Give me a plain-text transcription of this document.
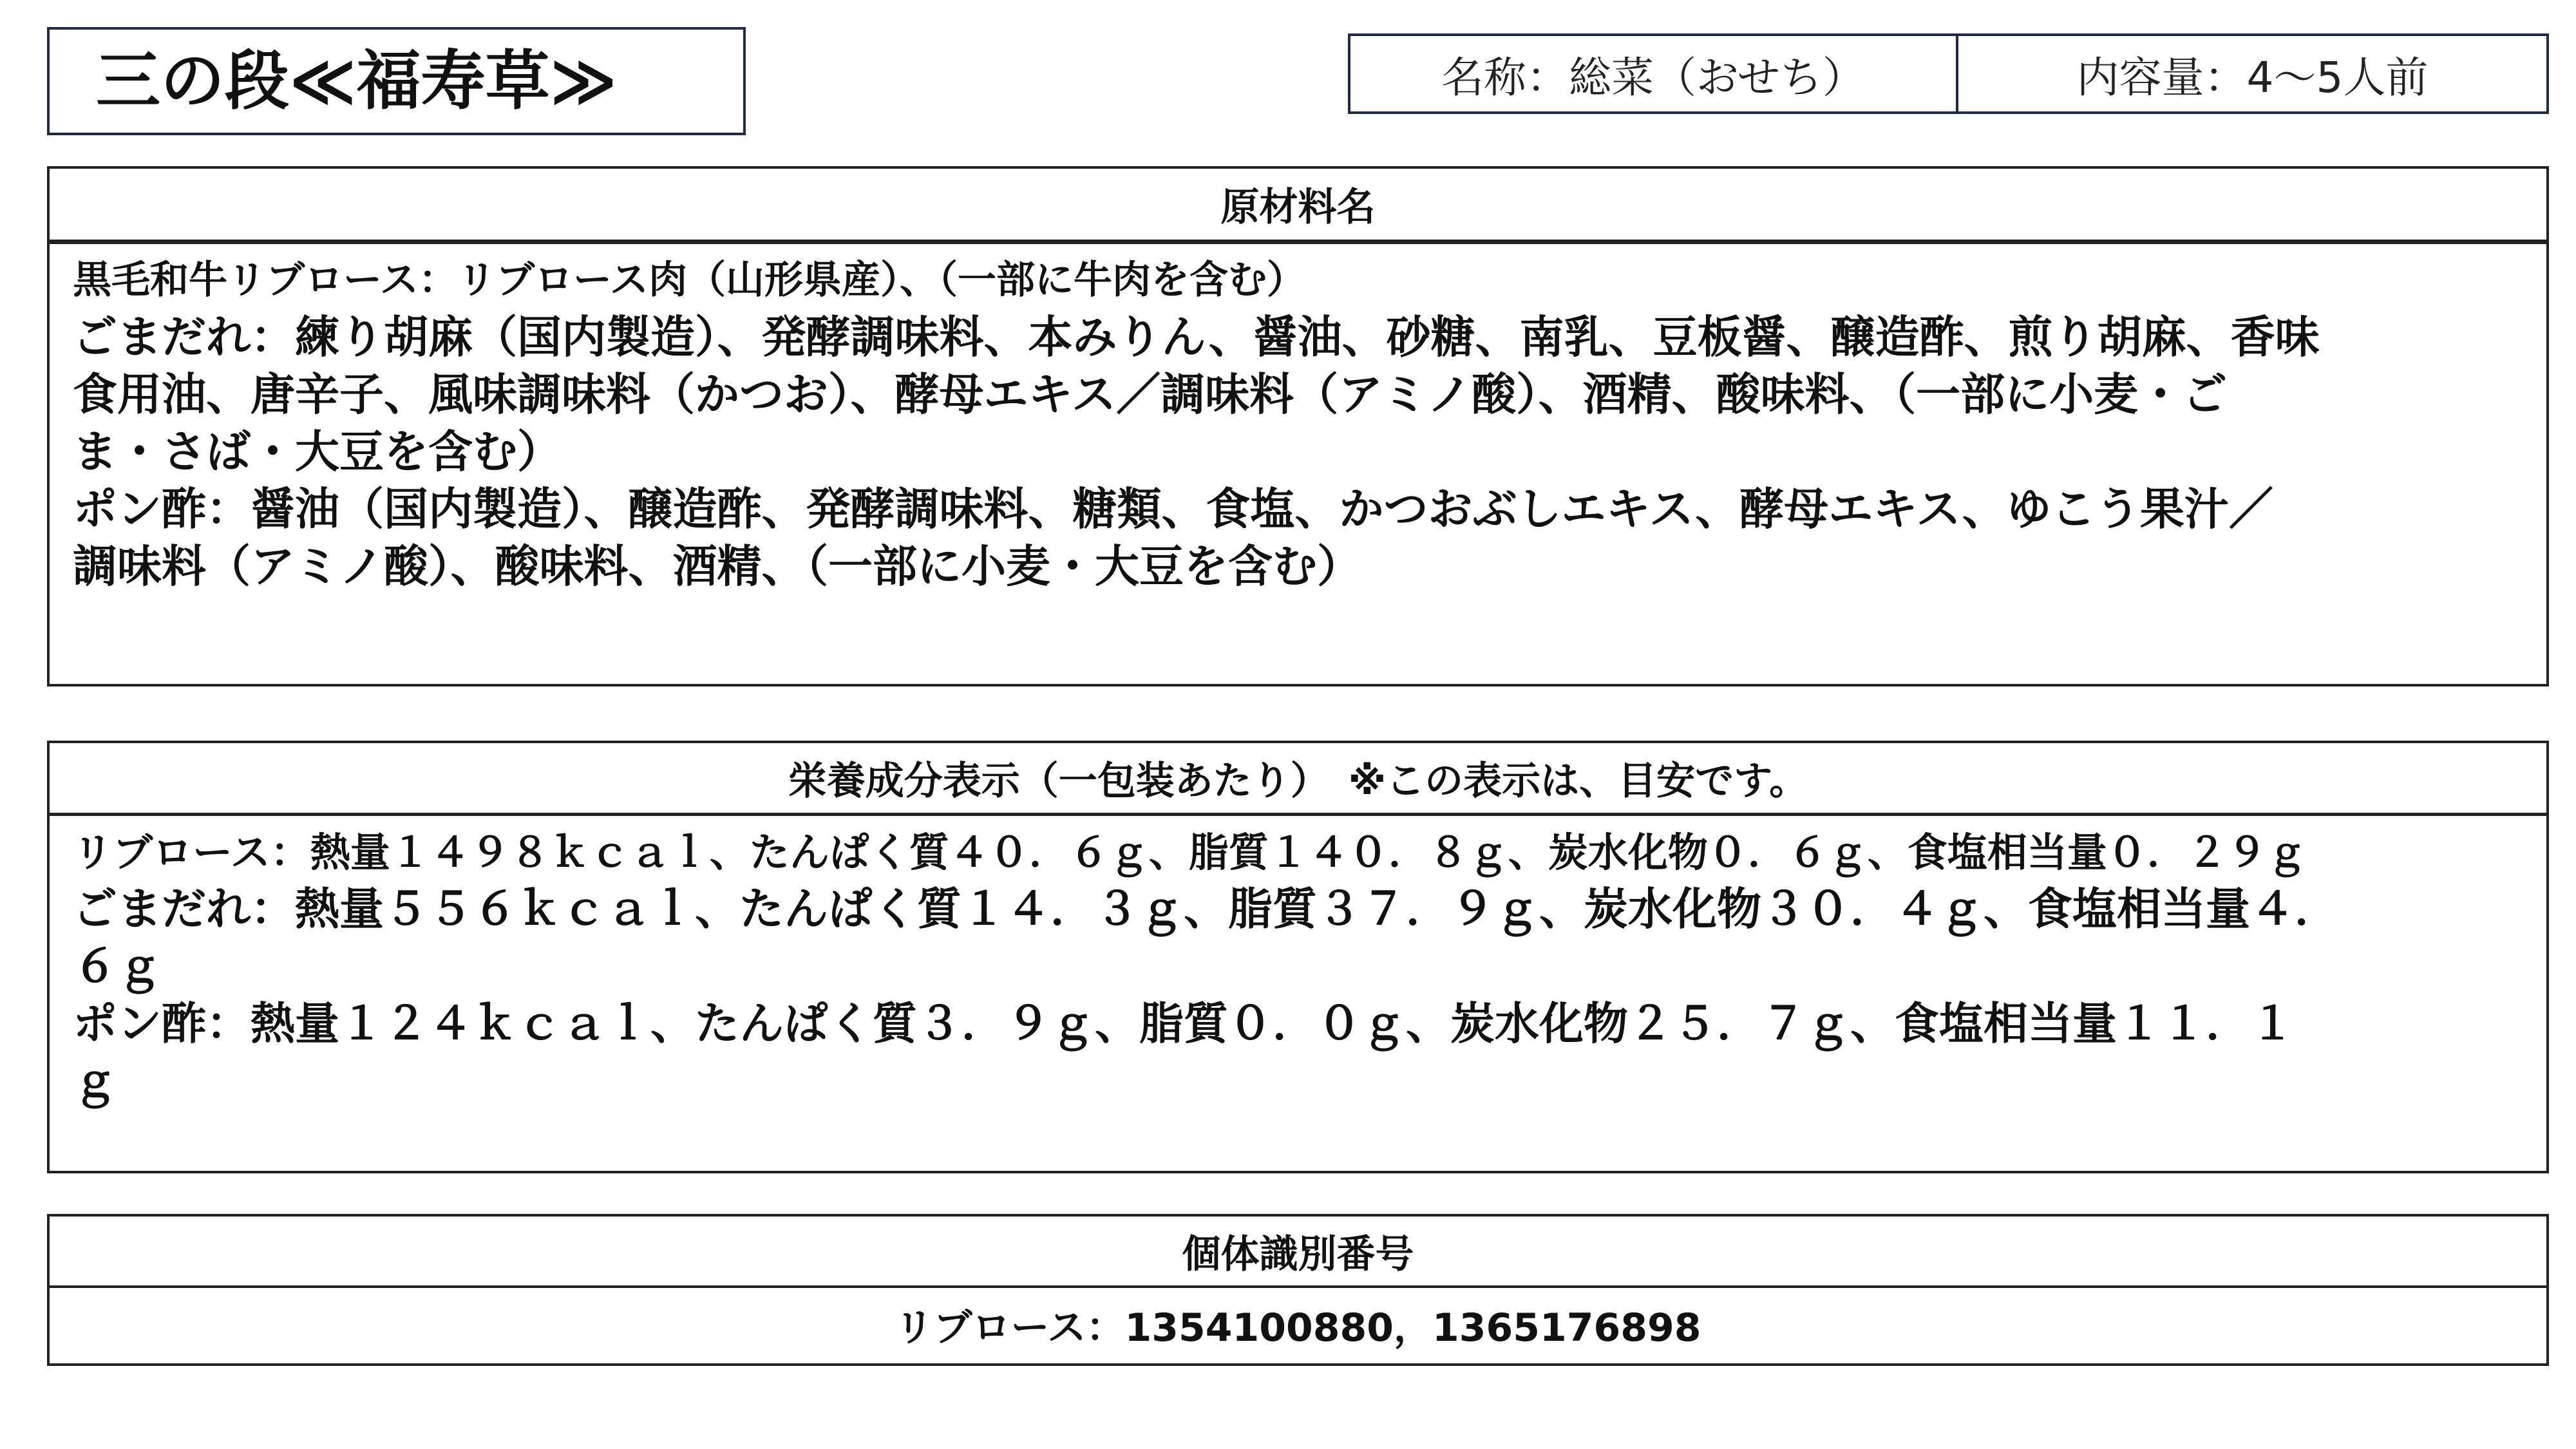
三の段≪福寿草≫	名称：総菜（おせち）	内容量：4～5人前
原材料名
黒毛和牛リブロース：リブロース肉（山形県産）、（一部に牛肉を含む）
ごまだれ：練り胡麻（国内製造）、発酵調味料、本みりん、醤油、砂糖、南乳、豆板醤、醸造酢、煎り胡麻、香味
食用油、唐辛子、風味調味料（かつお）、酵母エキス／調味料（アミノ酸）、酒精、酸味料、（一部に小麦・ご
ま・さば・大豆を含む）
ポン酢：醤油（国内製造）、醸造酢、発酵調味料、糖類、食塩、かつおぶしエキス、酵母エキス、ゆこう果汁／
調味料（アミノ酸）、酸味料、酒精、（一部に小麦・大豆を含む）
栄養成分表示（一包装あたり）　※この表示は、目安です。
リブロース：熱量１４９８ｋｃａｌ、たんぱく質４０．６ｇ、脂質１４０．８ｇ、炭水化物０．６ｇ、食塩相当量０．２９ｇ
ごまだれ：熱量５５６ｋｃａｌ、たんぱく質１４．３ｇ、脂質３７．９ｇ、炭水化物３０．４ｇ、食塩相当量４．
６ｇ
ポン酢：熱量１２４ｋｃａｌ、たんぱく質３．９ｇ、脂質０．０ｇ、炭水化物２５．７ｇ、食塩相当量１１．１
ｇ
個体識別番号
リブロース：1354100880，1365176898
